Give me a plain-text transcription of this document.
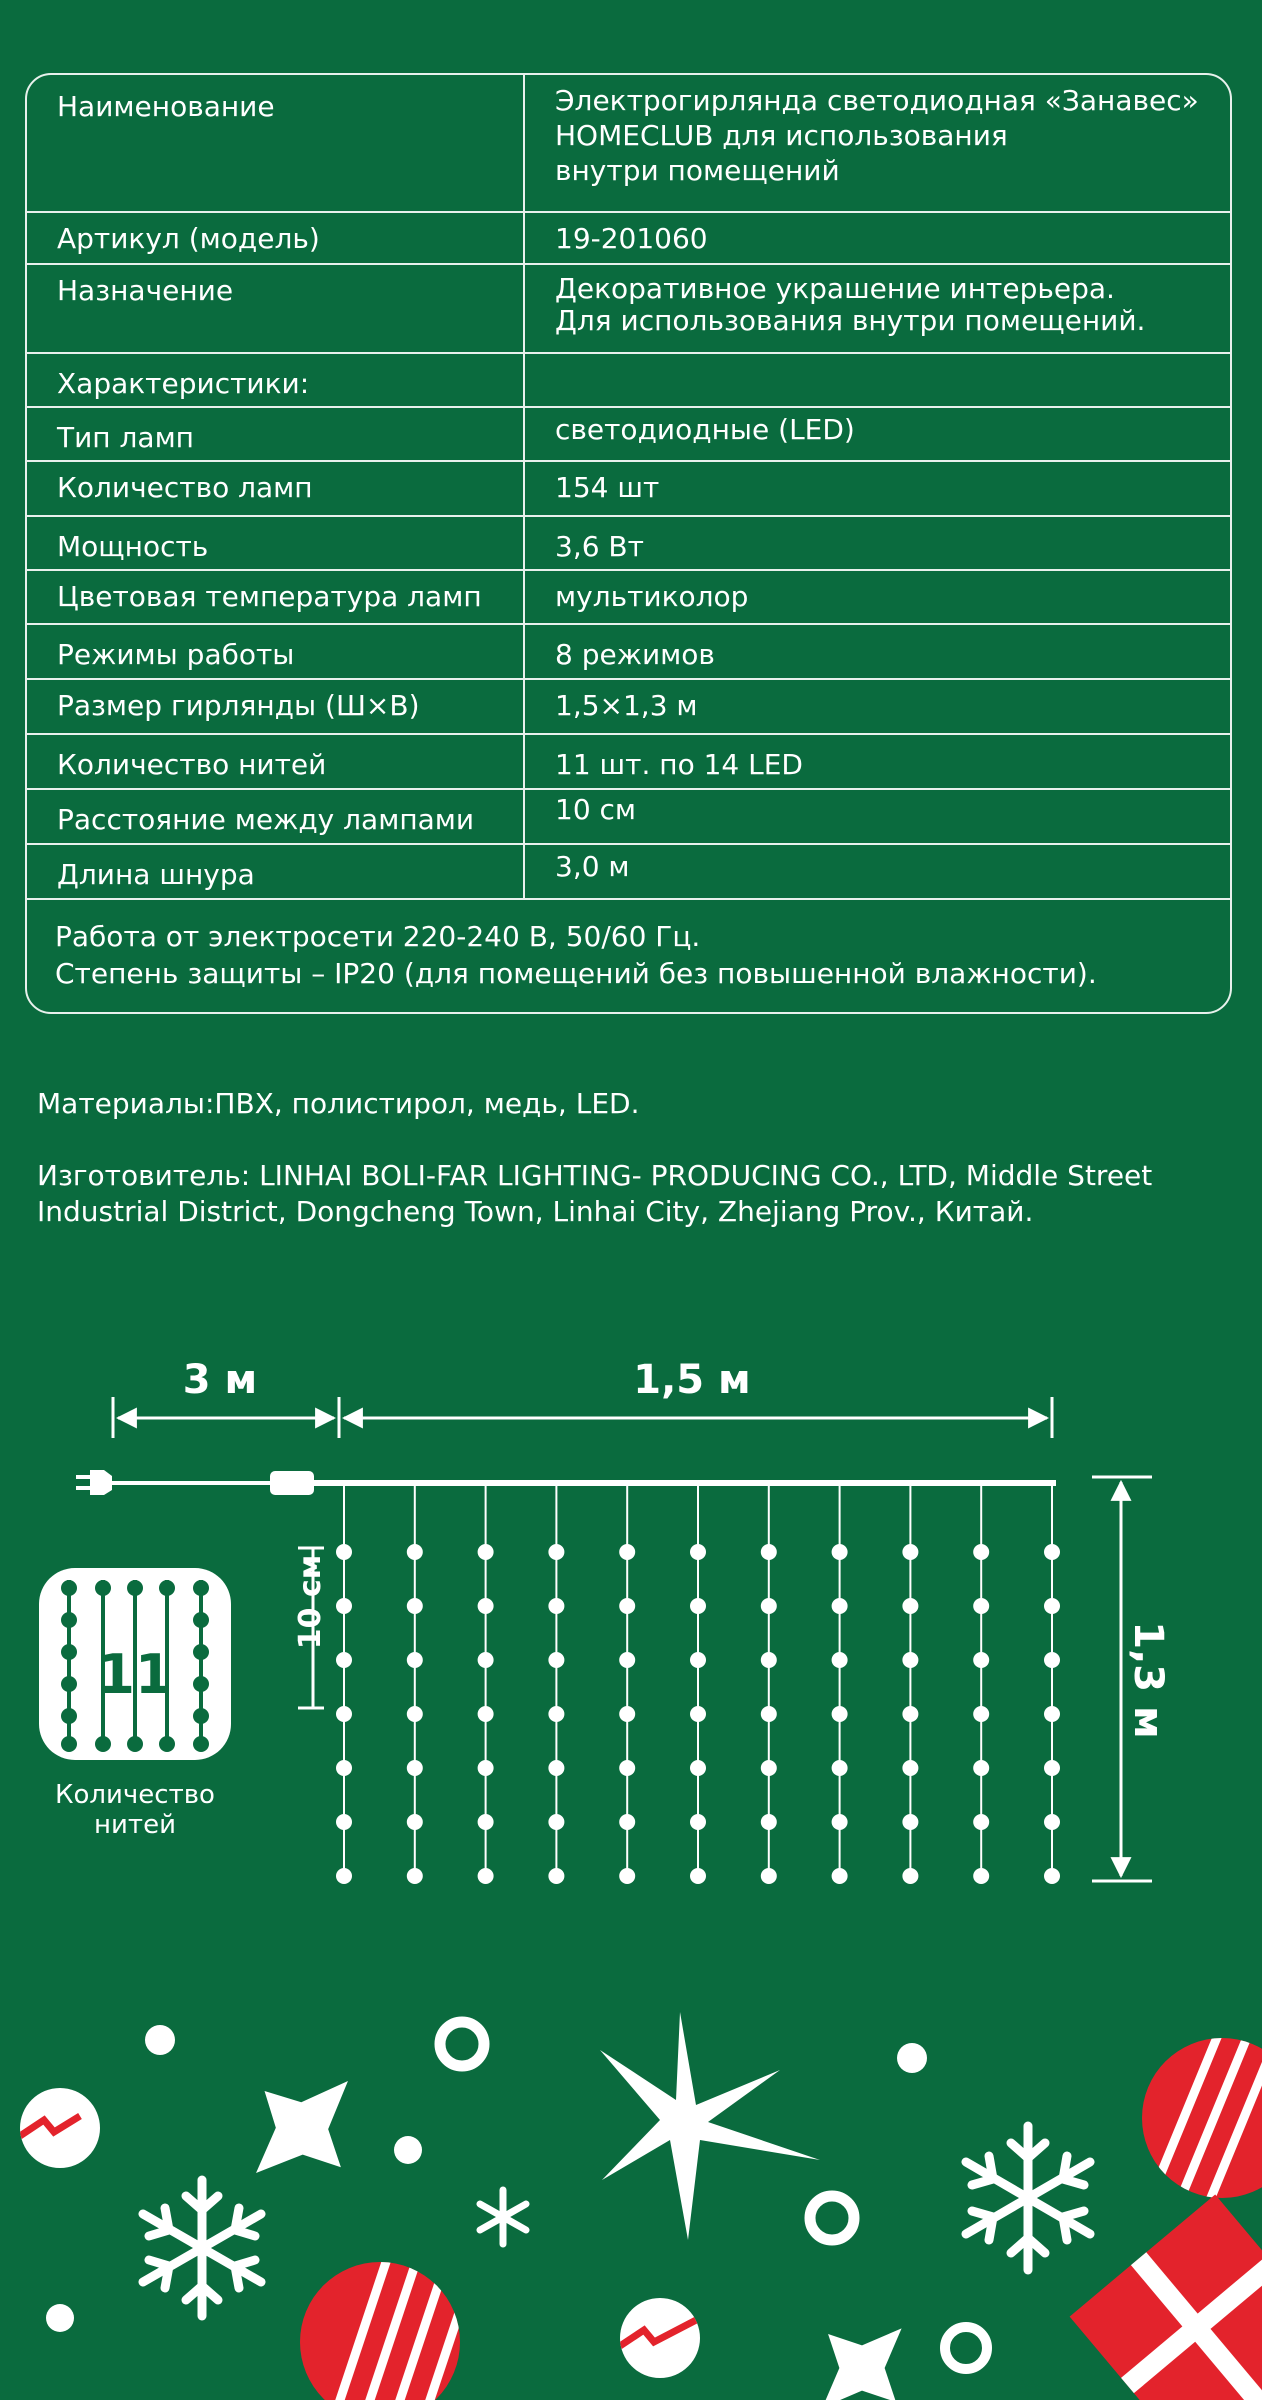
Наименование	Электрогирлянда светодиодная «Занавес»
HOMECLUB для использования
внутри помещений
Артикул (модель)	19-201060
Назначение	Декоративное украшение интерьера.
Для использования внутри помещений.
Характеристики:
Тип ламп	светодиодные (LED)
Количество ламп	154 шт
Мощность	3,6 Вт
Цветовая температура ламп	мультиколор
Режимы работы	8 режимов
Размер гирлянды (Ш×В)	1,5×1,3 м
Количество нитей	11 шт. по 14 LED
Расстояние между лампами	10 см
Длина шнура	3,0 м
Работа от электросети 220-240 В, 50/60 Гц.
Степень защиты – IP20 (для помещений без повышенной влажности).
Материалы:ПВХ, полистирол, медь, LED.
Изготовитель: LINHAI BOLI-FAR LIGHTING- PRODUCING CO., LTD, Middle Street
Industrial District, Dongcheng Town, Linhai City, Zhejiang Prov., Китай.
3 м	1,5 м
10 см
1,3 м
11
Количество
нитей
